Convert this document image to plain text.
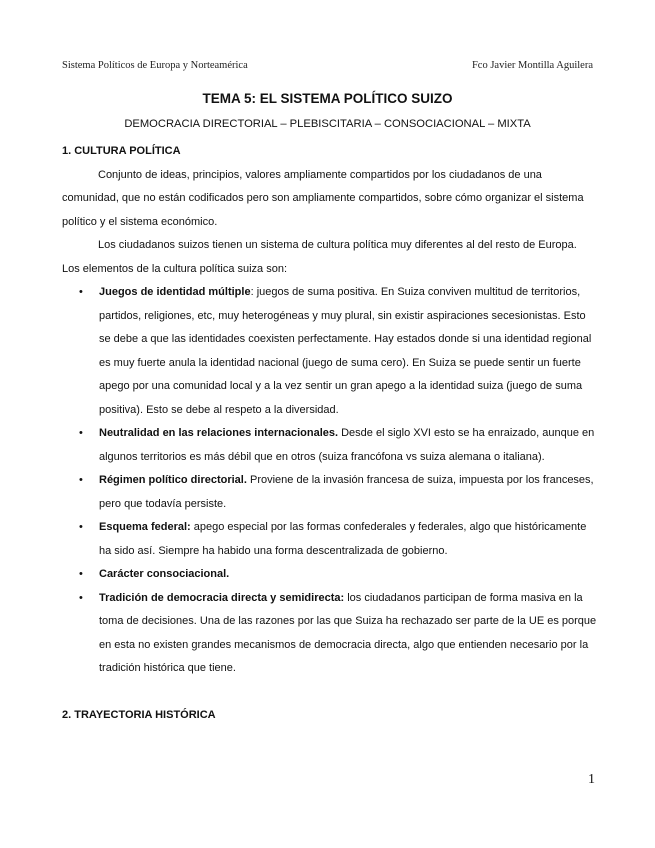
Sistema Políticos de Europa y Norteamérica	Fco Javier Montilla Aguilera
TEMA 5: EL SISTEMA POLÍTICO SUIZO
DEMOCRACIA DIRECTORIAL – PLEBISCITARIA – CONSOCIACIONAL – MIXTA

1. CULTURA POLÍTICA

Conjunto de ideas, principios, valores ampliamente compartidos por los ciudadanos de una comunidad, que no están codificados pero son ampliamente compartidos, sobre cómo organizar el sistema político y el sistema económico.

Los ciudadanos suizos tienen un sistema de cultura política muy diferentes al del resto de Europa. Los elementos de la cultura política suiza son:

• Juegos de identidad múltiple: juegos de suma positiva. En Suiza conviven multitud de territorios, partidos, religiones, etc, muy heterogéneas y muy plural, sin existir aspiraciones secesionistas. Esto se debe a que las identidades coexisten perfectamente. Hay estados donde si una identidad regional es muy fuerte anula la identidad nacional (juego de suma cero). En Suiza se puede sentir un fuerte apego por una comunidad local y a la vez sentir un gran apego a la identidad suiza (juego de suma positiva). Esto se debe al respeto a la diversidad.
• Neutralidad en las relaciones internacionales. Desde el siglo XVI esto se ha enraizado, aunque en algunos territorios es más débil que en otros (suiza francófona vs suiza alemana o italiana).
• Régimen político directorial. Proviene de la invasión francesa de suiza, impuesta por los franceses, pero que todavía persiste.
• Esquema federal: apego especial por las formas confederales y federales, algo que históricamente ha sido así. Siempre ha habido una forma descentralizada de gobierno.
• Carácter consociacional.
• Tradición de democracia directa y semidirecta: los ciudadanos participan de forma masiva en la toma de decisiones. Una de las razones por las que Suiza ha rechazado ser parte de la UE es porque en esta no existen grandes mecanismos de democracia directa, algo que entienden necesario por la tradición histórica que tiene.

2. TRAYECTORIA HISTÓRICA

1
